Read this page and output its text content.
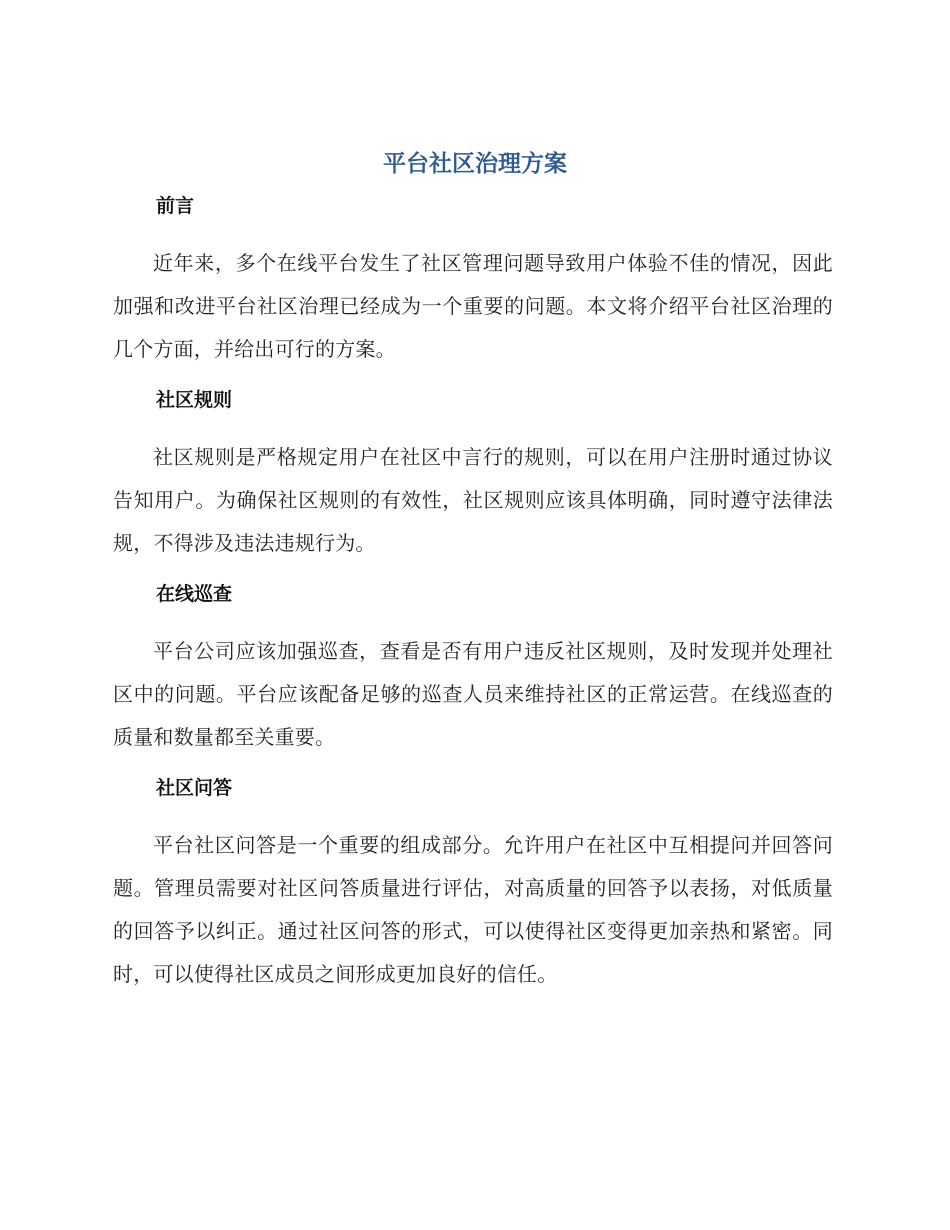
平台社区治理方案
前言

近年来，多个在线平台发生了社区管理问题导致用户体验不佳的情况，因此加强和改进平台社区治理已经成为一个重要的问题。本文将介绍平台社区治理的几个方面，并给出可行的方案。

社区规则

社区规则是严格规定用户在社区中言行的规则，可以在用户注册时通过协议告知用户。为确保社区规则的有效性，社区规则应该具体明确，同时遵守法律法规，不得涉及违法违规行为。

在线巡查

平台公司应该加强巡查，查看是否有用户违反社区规则，及时发现并处理社区中的问题。平台应该配备足够的巡查人员来维持社区的正常运营。在线巡查的质量和数量都至关重要。

社区问答

平台社区问答是一个重要的组成部分。允许用户在社区中互相提问并回答问题。管理员需要对社区问答质量进行评估，对高质量的回答予以表扬，对低质量的回答予以纠正。通过社区问答的形式，可以使得社区变得更加亲热和紧密。同时，可以使得社区成员之间形成更加良好的信任。
